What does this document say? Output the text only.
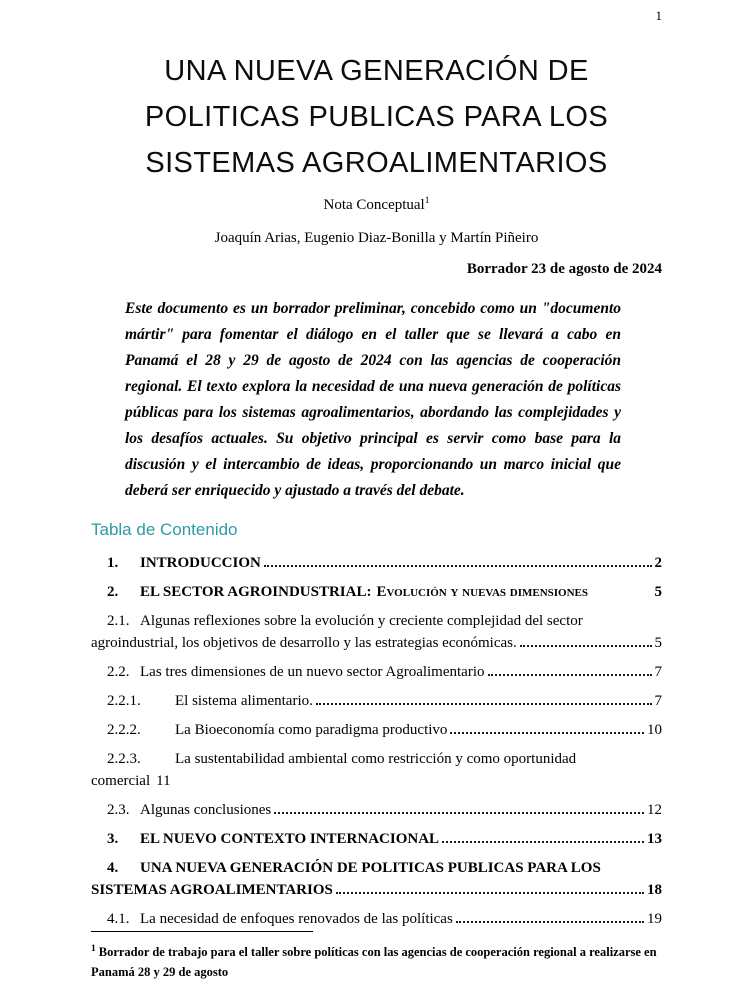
1
UNA NUEVA GENERACIÓN DE
POLITICAS PUBLICAS PARA LOS
SISTEMAS AGROALIMENTARIOS
Nota Conceptual$^1$
Joaquín Arias, Eugenio Diaz-Bonilla y Martín Piñeiro
Borrador 23 de agosto de 2024
Este documento es un borrador preliminar, concebido como un "documento mártir" para fomentar el diálogo en el taller que se llevará a cabo en Panamá el 28 y 29 de agosto de 2024 con las agencias de cooperación regional. El texto explora la necesidad de una nueva generación de políticas públicas para los sistemas agroalimentarios, abordando las complejidades y los desafíos actuales. Su objetivo principal es servir como base para la discusión y el intercambio de ideas, proporcionando un marco inicial que deberá ser enriquecido y ajustado a través del debate.
Tabla de Contenido
1.	INTRODUCCION	2
2.	EL SECTOR AGROINDUSTRIAL: Evolución y nuevas dimensiones	5
2.1. Algunas reflexiones sobre la evolución y creciente complejidad del sector
agroindustrial, los objetivos de desarrollo y las estrategias económicas.	5
2.2. Las tres dimensiones de un nuevo sector Agroalimentario	7
2.2.1.	El sistema alimentario.	7
2.2.2.	La Bioeconomía como paradigma productivo	10
2.2.3. La sustentabilidad ambiental como restricción y como oportunidad
comercial 11
2.3. Algunas conclusiones	12
3.	EL NUEVO CONTEXTO INTERNACIONAL	13
4. UNA NUEVA GENERACIÓN DE POLITICAS PUBLICAS PARA LOS
SISTEMAS AGROALIMENTARIOS	18
4.1. La necesidad de enfoques renovados de las políticas	19
$^1$ Borrador de trabajo para el taller sobre políticas con las agencias de cooperación regional a realizarse en Panamá 28 y 29 de agosto
